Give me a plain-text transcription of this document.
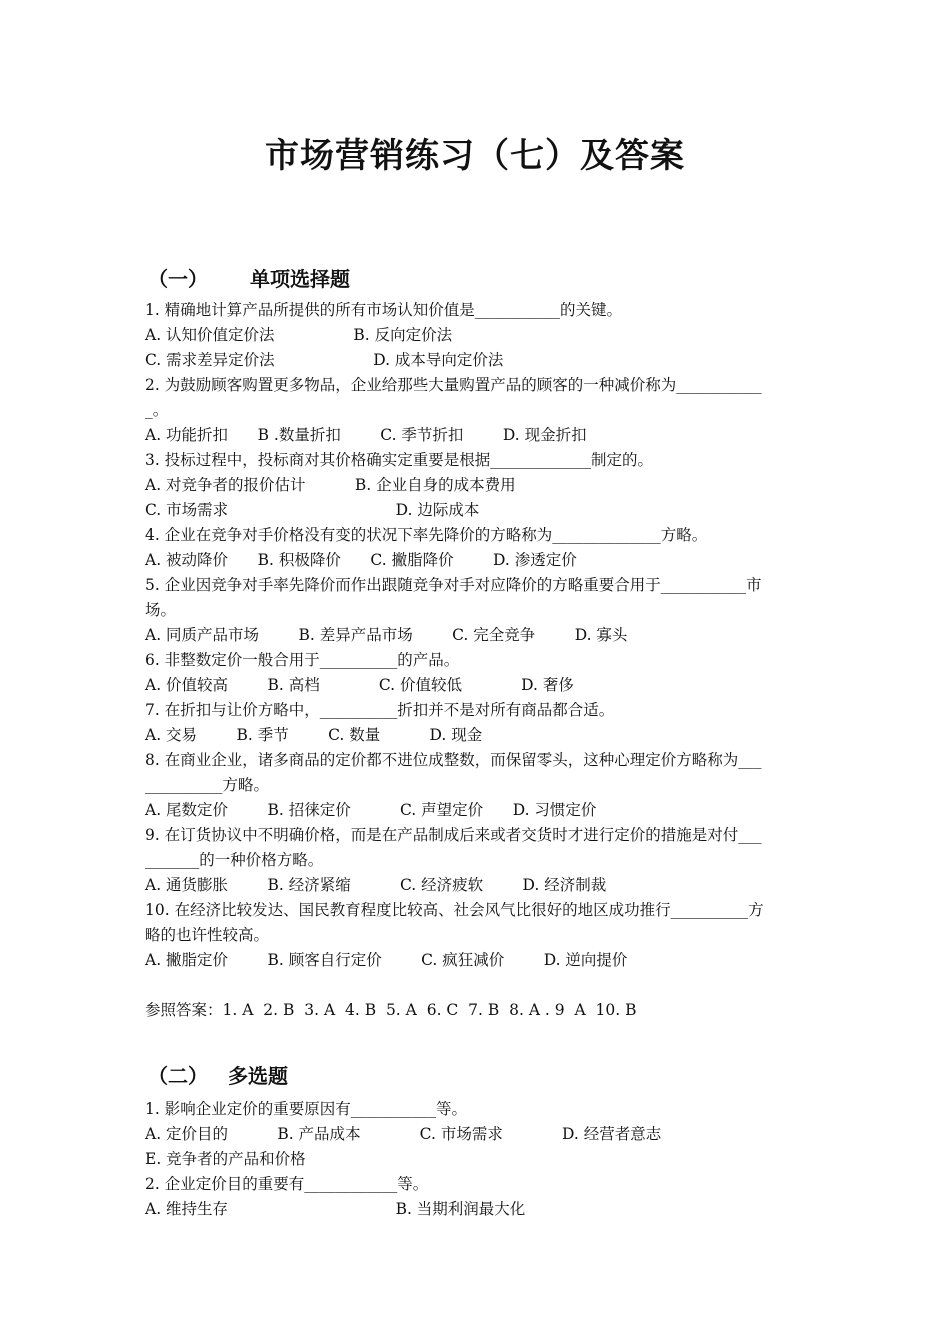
市场营销练习（七）及答案
（一） 单项选择题
（二） 多选题
1. 精确地计算产品所提供的所有市场认知价值是___________的关键。
A. 认知价值定价法                B. 反向定价法
C. 需求差异定价法                    D. 成本导向定价法
2. 为鼓励顾客购置更多物品，企业给那些大量购置产品的顾客的一种减价称为___________
_。
A. 功能折扣      B .数量折扣        C. 季节折扣        D. 现金折扣
3. 投标过程中，投标商对其价格确实定重要是根据_____________制定的。
A. 对竞争者的报价估计          B. 企业自身的成本费用
C. 市场需求                                  D. 边际成本
4. 企业在竞争对手价格没有变的状况下率先降价的方略称为______________方略。
A. 被动降价      B. 积极降价      C. 撇脂降价        D. 渗透定价
5. 企业因竞争对手率先降价而作出跟随竞争对手对应降价的方略重要合用于___________市
场。
A. 同质产品市场        B. 差异产品市场        C. 完全竞争        D. 寡头
6. 非整数定价一般合用于__________的产品。
A. 价值较高        B. 高档            C. 价值较低            D. 奢侈
7. 在折扣与让价方略中，__________折扣并不是对所有商品都合适。
A. 交易        B. 季节        C. 数量          D. 现金
8. 在商业企业，诸多商品的定价都不进位成整数，而保留零头，这种心理定价方略称为___
__________方略。
A. 尾数定价        B. 招徕定价          C. 声望定价      D. 习惯定价
9. 在订货协议中不明确价格，而是在产品制成后来或者交货时才进行定价的措施是对付___
_______的一种价格方略。
A. 通货膨胀        B. 经济紧缩          C. 经济疲软        D. 经济制裁
10. 在经济比较发达、国民教育程度比较高、社会风气比很好的地区成功推行__________方
略的也许性较高。
A. 撇脂定价        B. 顾客自行定价        C. 疯狂减价        D. 逆向提价
参照答案：1. A  2. B  3. A  4. B  5. A  6. C  7. B  8. A . 9  A  10. B
1. 影响企业定价的重要原因有___________等。
A. 定价目的          B. 产品成本            C. 市场需求            D. 经营者意志
E. 竞争者的产品和价格
2. 企业定价目的重要有____________等。
A. 维持生存                                  B. 当期利润最大化
